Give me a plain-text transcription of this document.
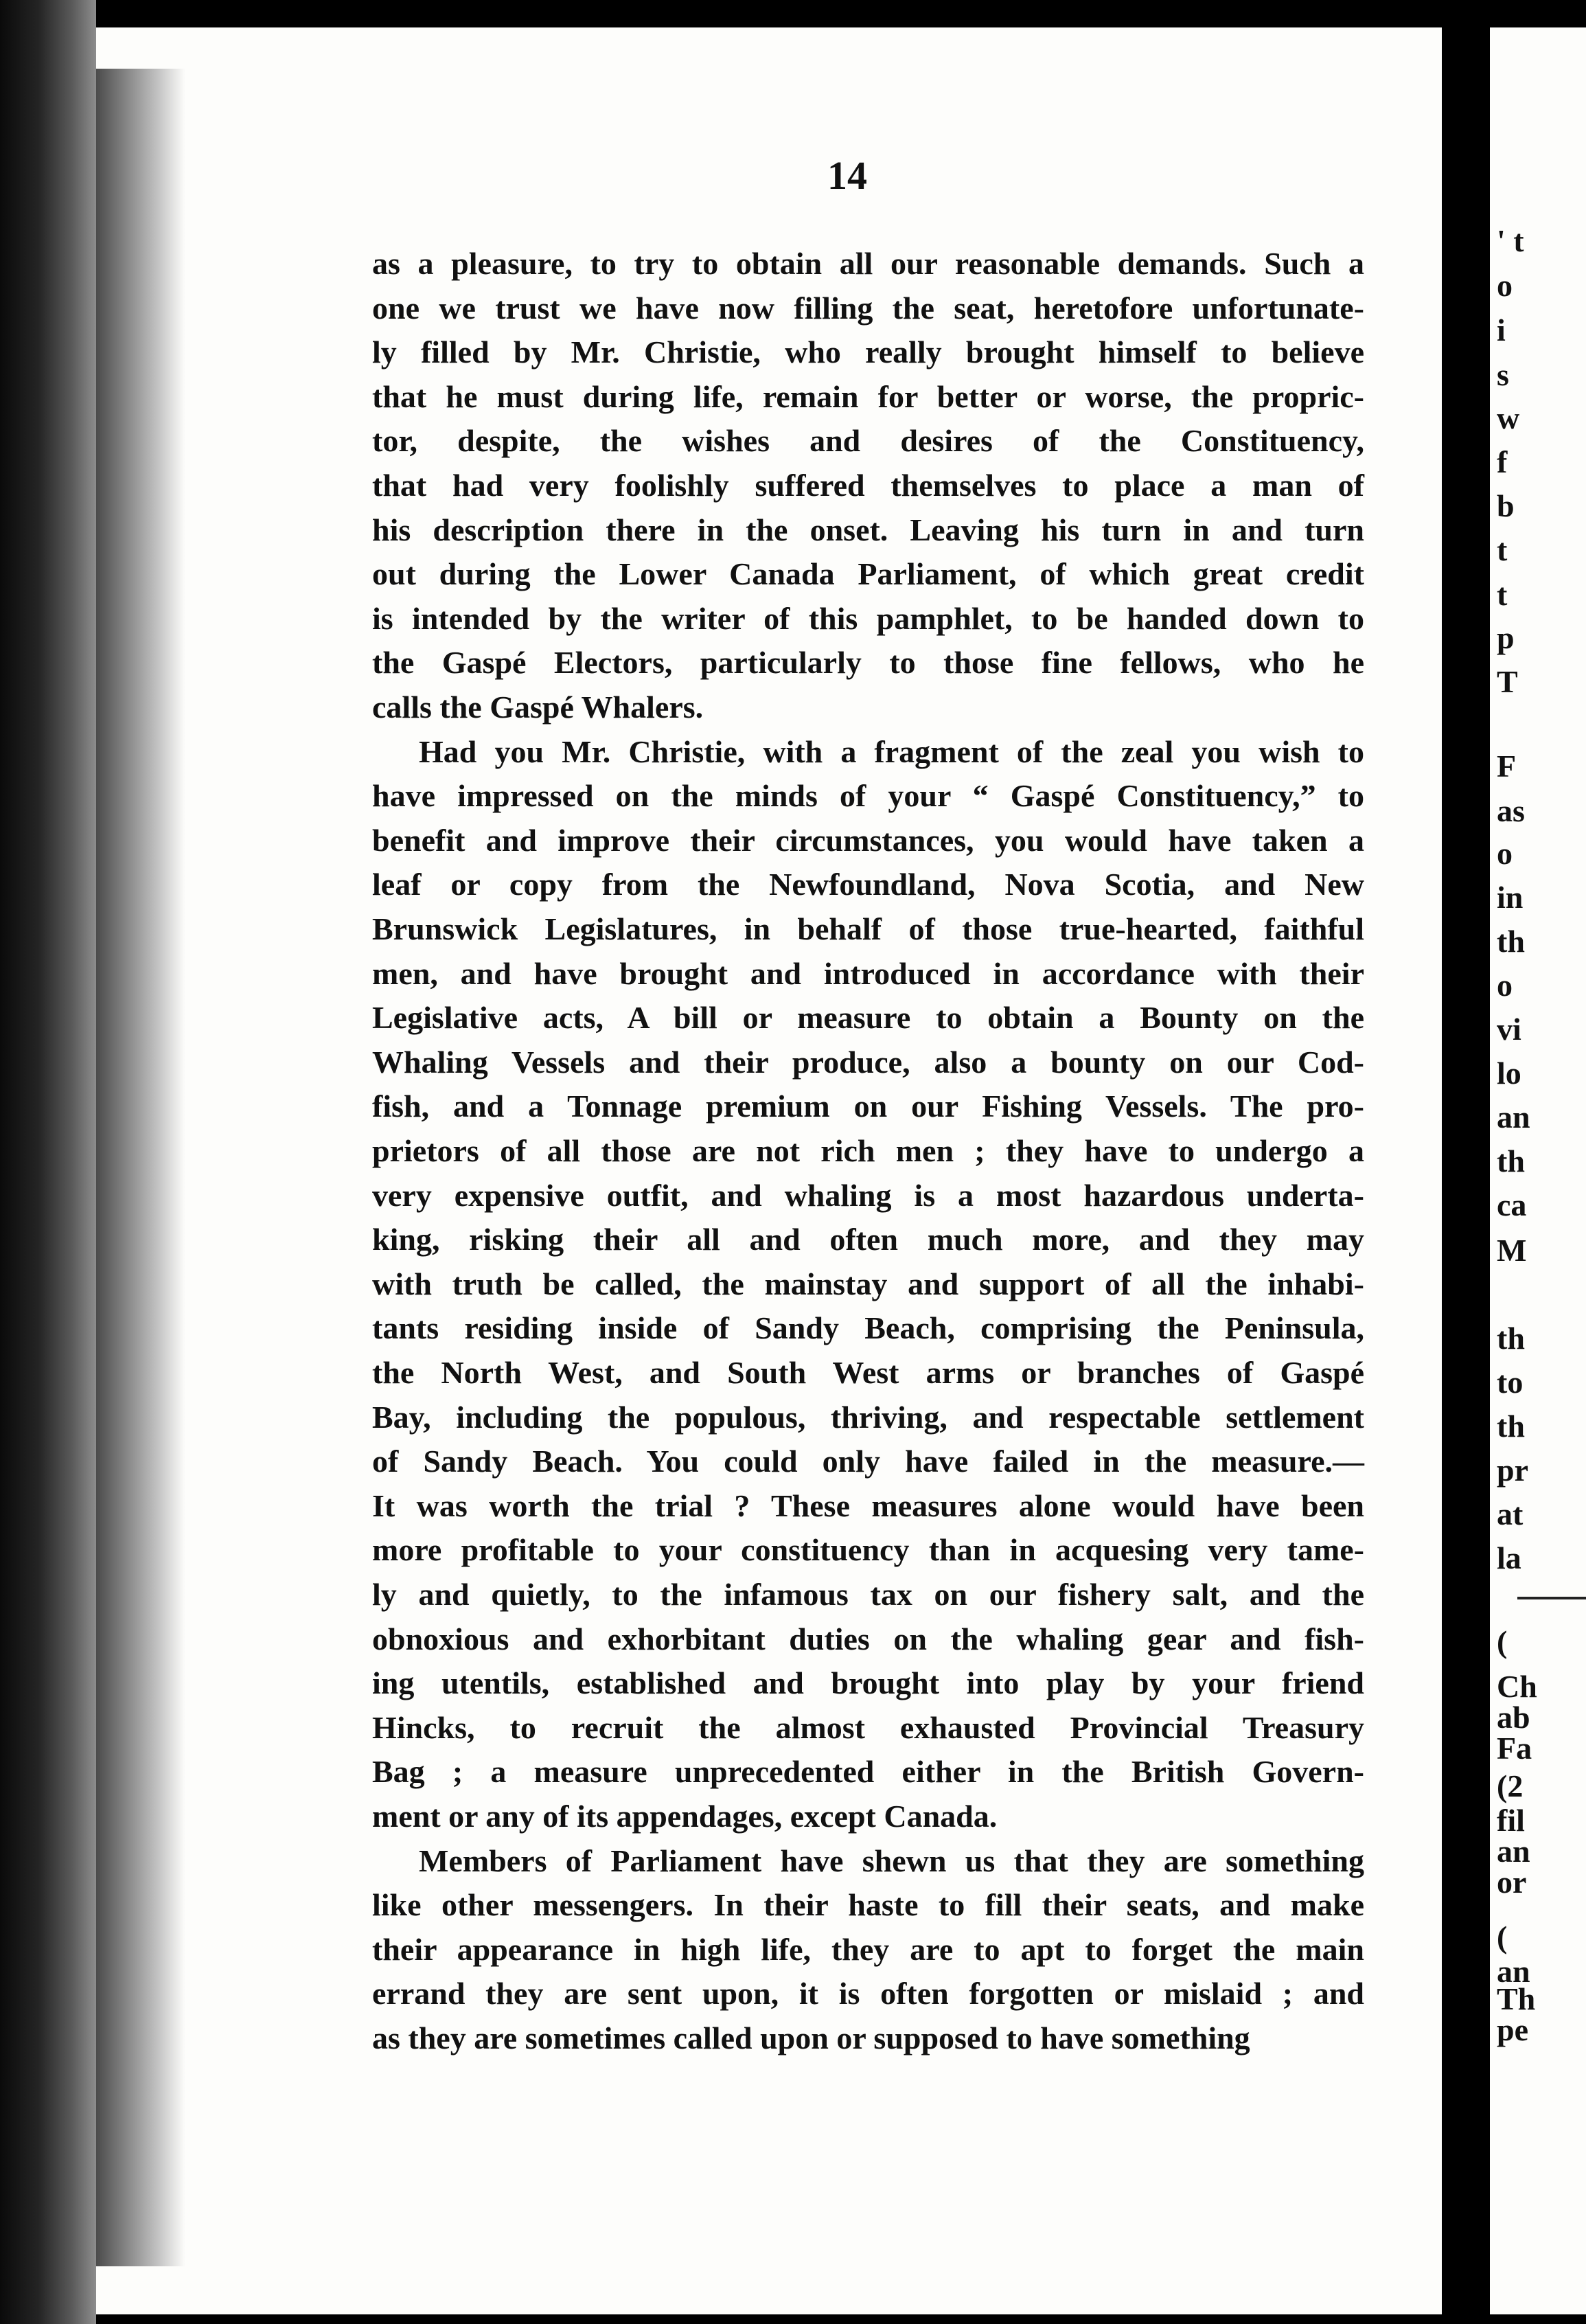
14
as a pleasure, to try to obtain all our reasonable demands. Such a
one we trust we have now filling the seat, heretofore unfortunate-
ly filled by Mr. Christie, who really brought himself to believe
that he must during life, remain for better or worse, the propric-
tor, despite, the wishes and desires of the Constituency,
that had very foolishly suffered themselves to place a man of
his description there in the onset. Leaving his turn in and turn
out during the Lower Canada Parliament, of which great credit
is intended by the writer of this pamphlet, to be handed down to
the Gaspé Electors, particularly to those fine fellows, who he
calls the Gaspé Whalers.
Had you Mr. Christie, with a fragment of the zeal you wish to
have impressed on the minds of your “ Gaspé Constituency,” to
benefit and improve their circumstances, you would have taken a
leaf or copy from the Newfoundland, Nova Scotia, and New
Brunswick Legislatures, in behalf of those true-hearted, faithful
men, and have brought and introduced in accordance with their
Legislative acts, A bill or measure to obtain a Bounty on the
Whaling Vessels and their produce, also a bounty on our Cod-
fish, and a Tonnage premium on our Fishing Vessels. The pro-
prietors of all those are not rich men ; they have to undergo a
very expensive outfit, and whaling is a most hazardous underta-
king, risking their all and often much more, and they may
with truth be called, the mainstay and support of all the inhabi-
tants residing inside of Sandy Beach, comprising the Peninsula,
the North West, and South West arms or branches of Gaspé
Bay, including the populous, thriving, and respectable settlement
of Sandy Beach. You could only have failed in the measure.—
It was worth the trial ? These measures alone would have been
more profitable to your constituency than in acquesing very tame-
ly and quietly, to the infamous tax on our fishery salt, and the
obnoxious and exhorbitant duties on the whaling gear and fish-
ing utentils, established and brought into play by your friend
Hincks, to recruit the almost exhausted Provincial Treasury
Bag ; a measure unprecedented either in the British Govern-
ment or any of its appendages, except Canada.
Members of Parliament have shewn us that they are something
like other messengers. In their haste to fill their seats, and make
their appearance in high life, they are to apt to forget the main
errand they are sent upon, it is often forgotten or mislaid ; and
as they are sometimes called upon or supposed to have something
' t
o
i
s
w
f
b
t
t
p
T
F
as
o
in
th
o
vi
lo
an
th
ca
M
th
to
th
pr
at
la
(
Ch
ab
Fa
(2
fil
an
or
(
an
Th
pe
